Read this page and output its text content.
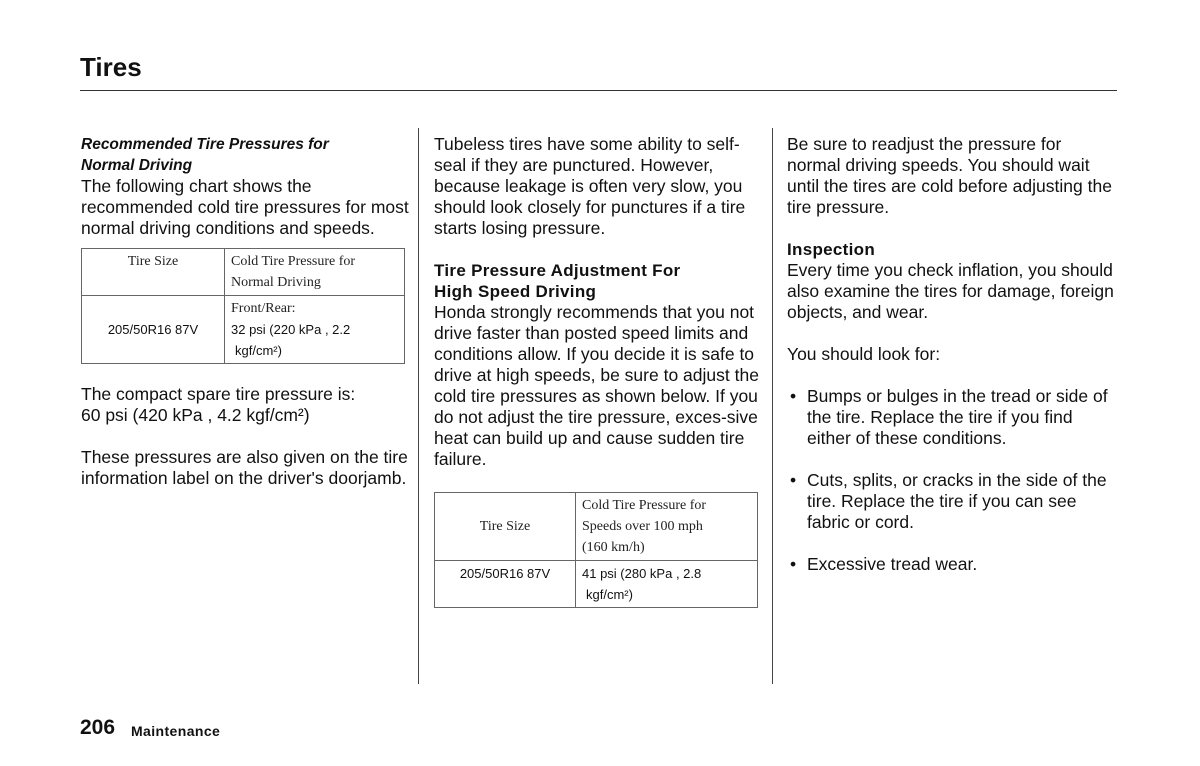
Tires
Recommended Tire Pressures for
Normal Driving

The following chart shows the recommended cold tire pressures for most normal driving conditions and speeds.

Tire Size	Cold Tire Pressure for
Normal Driving

205/50R16 87V	Front/Rear:
32 psi (220 kPa , 2.2
kgf/cm²)

The compact spare tire pressure is:

60 psi (420 kPa , 4.2 kgf/cm²)

These pressures are also given on the tire information label on the driver's doorjamb.

Tubeless tires have some ability to self-seal if they are punctured. However, because leakage is often very slow, you should look closely for punctures if a tire starts losing pressure.

Tire Pressure Adjustment For
High Speed Driving

Honda strongly recommends that you not drive faster than posted speed limits and conditions allow. If you decide it is safe to drive at high speeds, be sure to adjust the cold tire pressures as shown below. If you do not adjust the tire pressure, exces-sive heat can build up and cause sudden tire failure.

Tire Size	Cold Tire Pressure for
Speeds over 100 mph
(160 km/h)

205/50R16 87V	41 psi (280 kPa , 2.8
kgf/cm²)

Be sure to readjust the pressure for normal driving speeds. You should wait until the tires are cold before adjusting the tire pressure.

Inspection

Every time you check inflation, you should also examine the tires for damage, foreign objects, and wear.

You should look for:

• Bumps or bulges in the tread or side of the tire. Replace the tire if you find either of these conditions.
• Cuts, splits, or cracks in the side of the tire. Replace the tire if you can see fabric or cord.
• Excessive tread wear.
206 Maintenance
